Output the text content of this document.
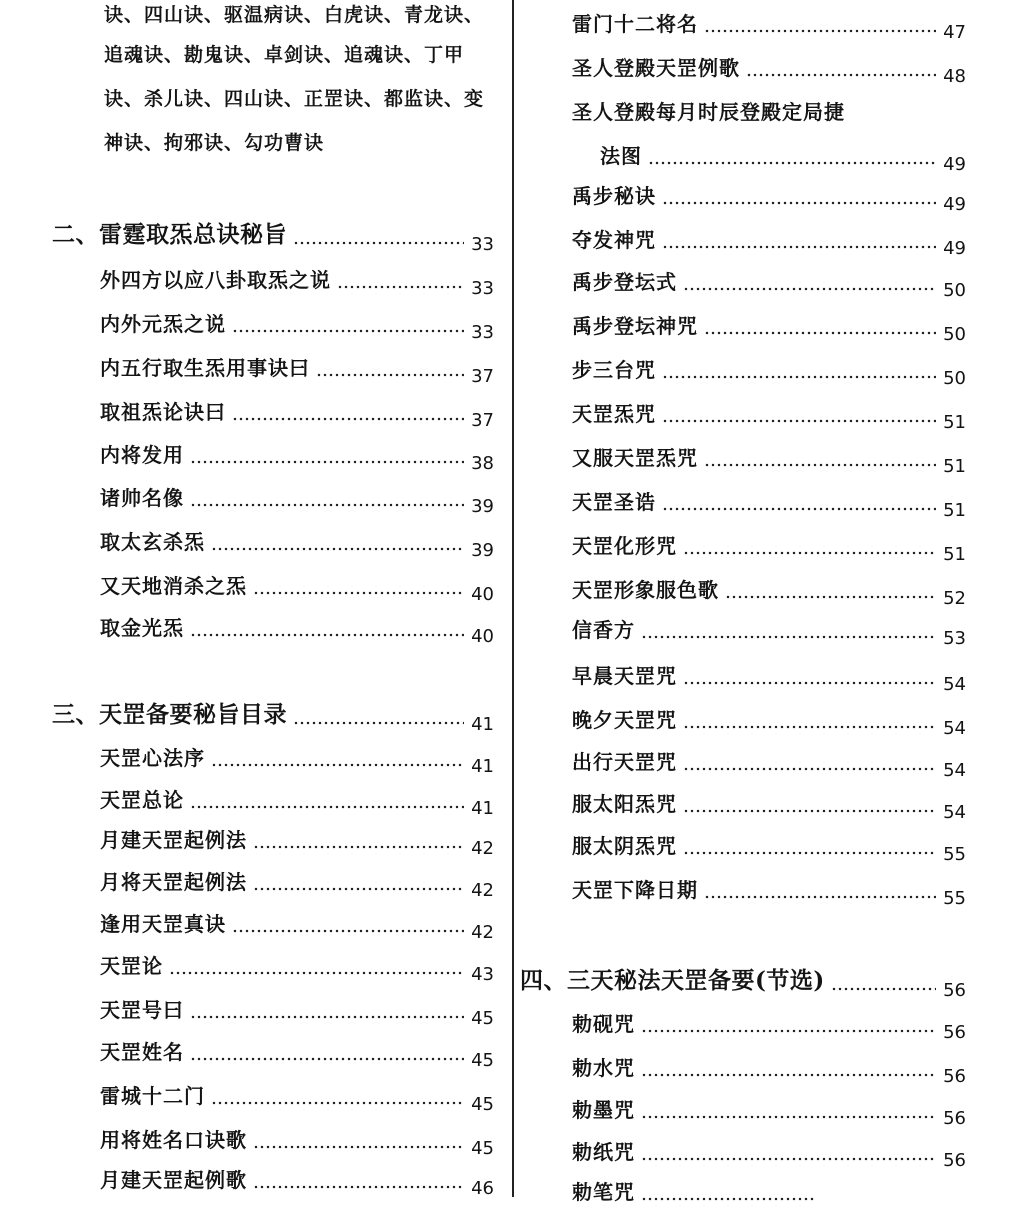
诀、四山诀、驱温病诀、白虎诀、青龙诀、
追魂诀、勘鬼诀、卓剑诀、追魂诀、丁甲
诀、杀儿诀、四山诀、正罡诀、都监诀、变
神诀、拘邪诀、勾功曹诀
二、雷霆取炁总诀秘旨	33
外四方以应八卦取炁之说	33
内外元炁之说	33
内五行取生炁用事诀曰	37
取祖炁论诀曰	37
内将发用	38
诸帅名像	39
取太玄杀炁	39
又天地消杀之炁	40
取金光炁	40
三、天罡备要秘旨目录	41
天罡心法序	41
天罡总论	41
月建天罡起例法	42
月将天罡起例法	42
逢用天罡真诀	42
天罡论	43
天罡号曰	45
天罡姓名	45
雷城十二门	45
用将姓名口诀歌	45
月建天罡起例歌	46
雷门十二将名	47
圣人登殿天罡例歌	48
圣人登殿每月时辰登殿定局捷
法图	49
禹步秘诀	49
夺发神咒	49
禹步登坛式	50
禹步登坛神咒	50
步三台咒	50
天罡炁咒	51
又服天罡炁咒	51
天罡圣诰	51
天罡化形咒	51
天罡形象服色歌	52
信香方	53
早晨天罡咒	54
晚夕天罡咒	54
出行天罡咒	54
服太阳炁咒	54
服太阴炁咒	55
天罡下降日期	55
四、三天秘法天罡备要(节选)	56
勅砚咒	56
勅水咒	56
勅墨咒	56
勅纸咒	56
勅笔咒
